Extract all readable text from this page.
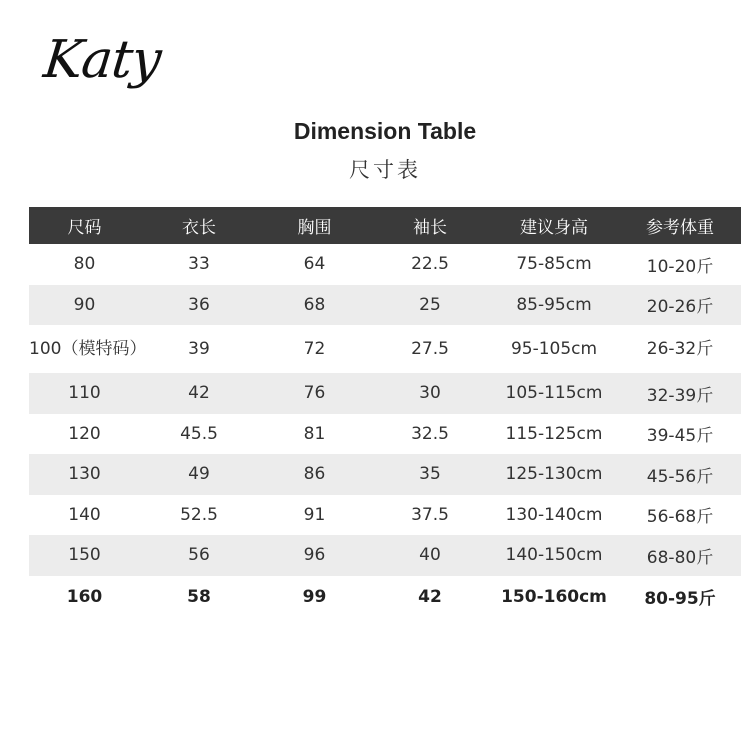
Katy
Dimension Table
尺寸表
尺码	衣长	胸围	袖长	建议身高	参考体重
80	33	64	22.5	75-85cm	10-20斤
90	36	68	25	85-95cm	20-26斤
100（模特码）	39	72	27.5	95-105cm	26-32斤
110	42	76	30	105-115cm	32-39斤
120	45.5	81	32.5	115-125cm	39-45斤
130	49	86	35	125-130cm	45-56斤
140	52.5	91	37.5	130-140cm	56-68斤
150	56	96	40	140-150cm	68-80斤
160	58	99	42	150-160cm	80-95斤
